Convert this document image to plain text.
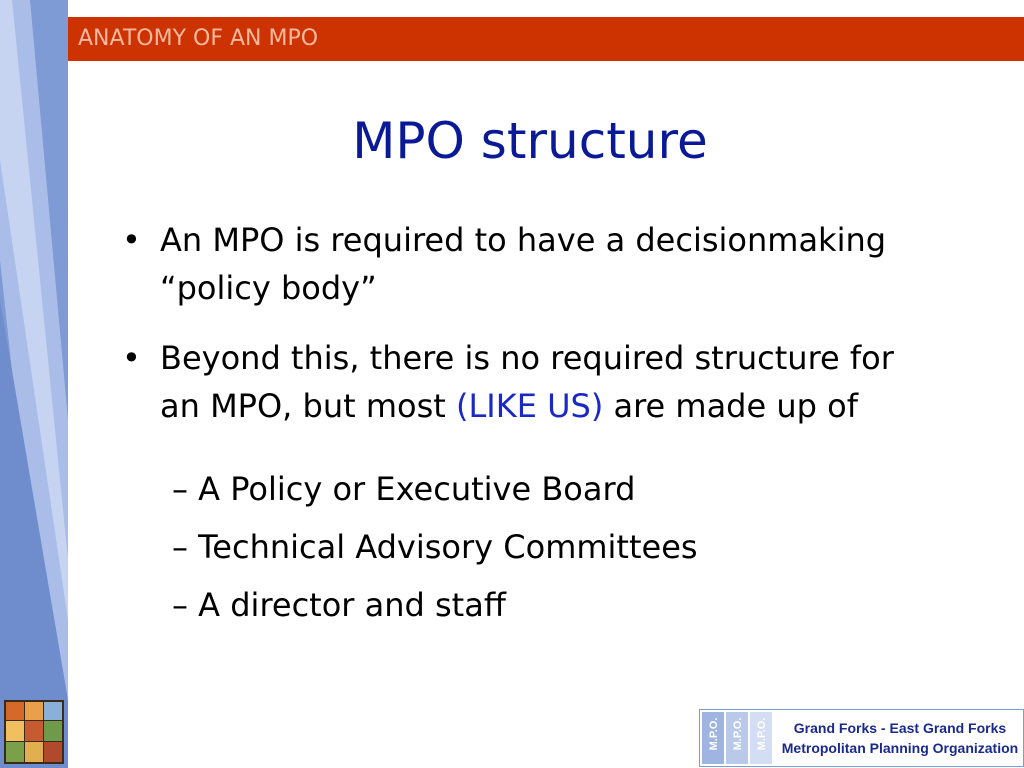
ANATOMY OF AN MPO
MPO structure
• An MPO is required to have a decisionmaking
“policy body”
• Beyond this, there is no required structure for
an MPO, but most (LIKE US) are made up of
– A Policy or Executive Board
– Technical Advisory Committees
– A director and staff
M.P.O. M.P.O. M.P.O.	Grand Forks - East Grand Forks
Metropolitan Planning Organization
